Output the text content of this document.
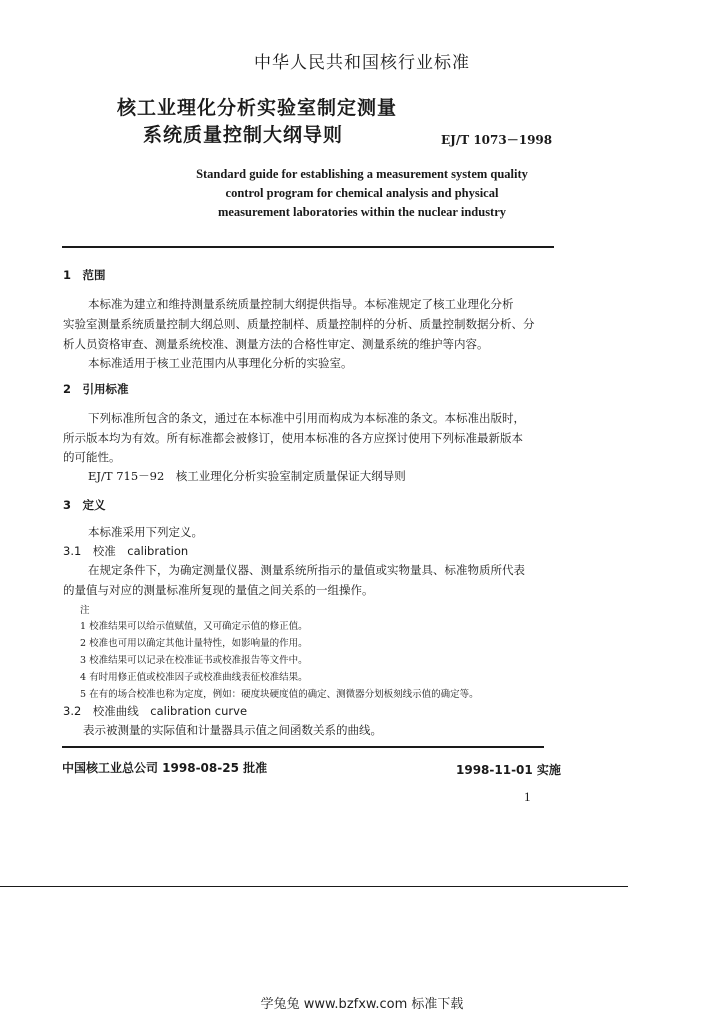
中华人民共和国核行业标准
核工业理化分析实验室制定测量
系统质量控制大纲导则	EJ/T 1073－1998
Standard guide for establishing a measurement system quality
control program for chemical analysis and physical
measurement laboratories within the nuclear industry
1　范围
本标准为建立和维持测量系统质量控制大纲提供指导。本标准规定了核工业理化分析
实验室测量系统质量控制大纲总则、质量控制样、质量控制样的分析、质量控制数据分析、分
析人员资格审查、测量系统校准、测量方法的合格性审定、测量系统的维护等内容。
本标准适用于核工业范围内从事理化分析的实验室。
2　引用标准
下列标准所包含的条文，通过在本标准中引用而构成为本标准的条文。本标准出版时，
所示版本均为有效。所有标准都会被修订，使用本标准的各方应探讨使用下列标准最新版本
的可能性。
EJ/T 715－92　核工业理化分析实验室制定质量保证大纲导则
3　定义
本标准采用下列定义。
3.1　校准　calibration
在规定条件下，为确定测量仪器、测量系统所指示的量值或实物量具、标准物质所代表
的量值与对应的测量标准所复现的量值之间关系的一组操作。
注
1 校准结果可以给示值赋值，又可确定示值的修正值。
2 校准也可用以确定其他计量特性，如影响量的作用。
3 校准结果可以记录在校准证书或校准报告等文件中。
4 有时用修正值或校准因子或校准曲线表征校准结果。
5 在有的场合校准也称为定度，例如：硬度块硬度值的确定、测微器分划板刻线示值的确定等。
3.2　校准曲线　calibration curve
表示被测量的实际值和计量器具示值之间函数关系的曲线。
中国核工业总公司 1998-08-25 批准	1998-11-01 实施
1
学兔兔 www.bzfxw.com 标准下载
